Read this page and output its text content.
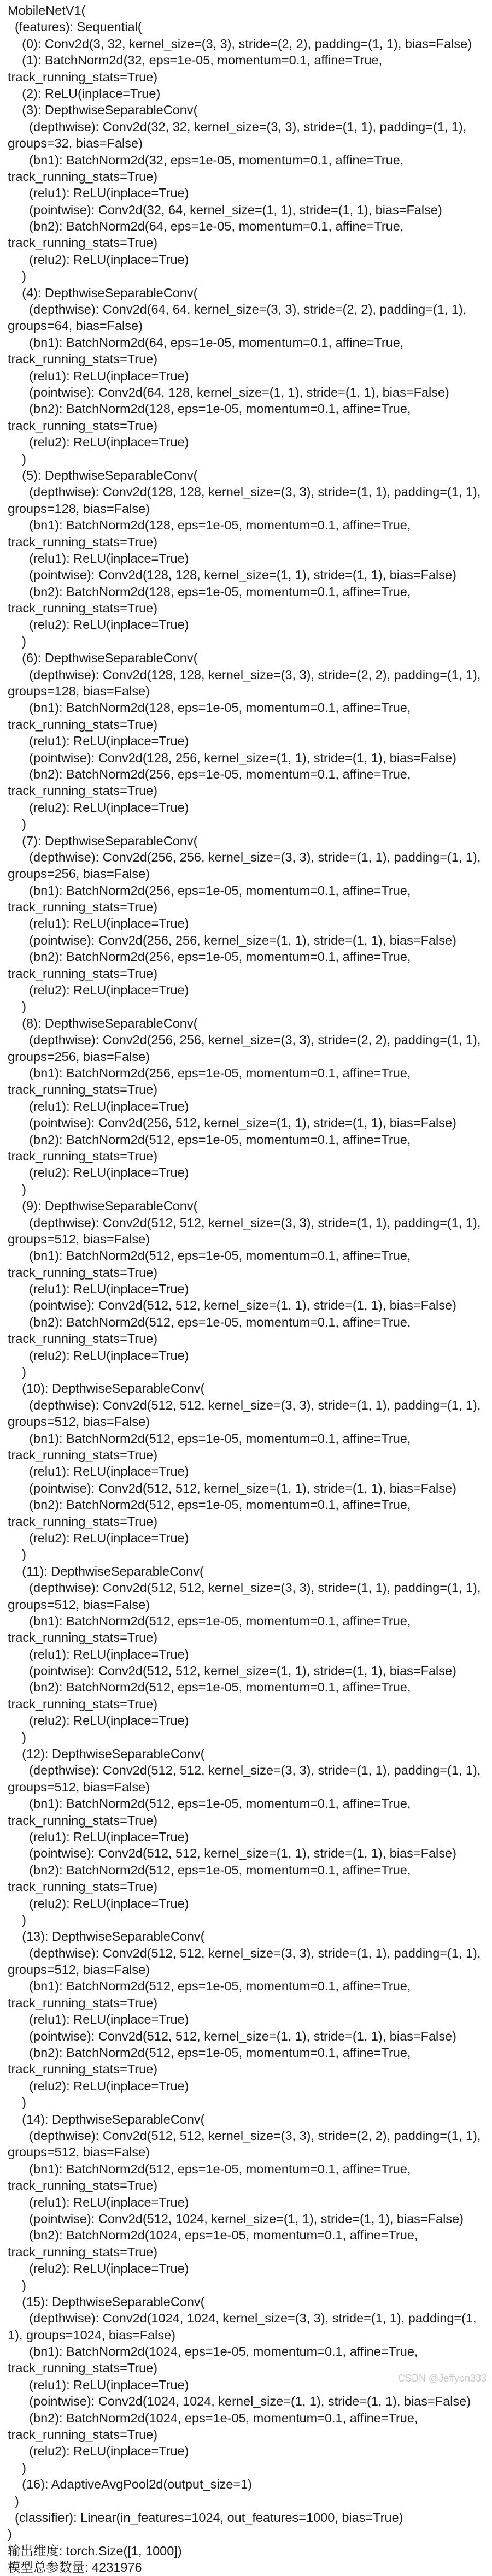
MobileNetV1(
(features): Sequential(
(0): Conv2d(3, 32, kernel_size=(3, 3), stride=(2, 2), padding=(1, 1), bias=False)
(1): BatchNorm2d(32, eps=1e-05, momentum=0.1, affine=True,
track_running_stats=True)
(2): ReLU(inplace=True)
(3): DepthwiseSeparableConv(
(depthwise): Conv2d(32, 32, kernel_size=(3, 3), stride=(1, 1), padding=(1, 1),
groups=32, bias=False)
(bn1): BatchNorm2d(32, eps=1e-05, momentum=0.1, affine=True,
track_running_stats=True)
(relu1): ReLU(inplace=True)
(pointwise): Conv2d(32, 64, kernel_size=(1, 1), stride=(1, 1), bias=False)
(bn2): BatchNorm2d(64, eps=1e-05, momentum=0.1, affine=True,
track_running_stats=True)
(relu2): ReLU(inplace=True)
)
(4): DepthwiseSeparableConv(
(depthwise): Conv2d(64, 64, kernel_size=(3, 3), stride=(2, 2), padding=(1, 1),
groups=64, bias=False)
(bn1): BatchNorm2d(64, eps=1e-05, momentum=0.1, affine=True,
track_running_stats=True)
(relu1): ReLU(inplace=True)
(pointwise): Conv2d(64, 128, kernel_size=(1, 1), stride=(1, 1), bias=False)
(bn2): BatchNorm2d(128, eps=1e-05, momentum=0.1, affine=True,
track_running_stats=True)
(relu2): ReLU(inplace=True)
)
(5): DepthwiseSeparableConv(
(depthwise): Conv2d(128, 128, kernel_size=(3, 3), stride=(1, 1), padding=(1, 1),
groups=128, bias=False)
(bn1): BatchNorm2d(128, eps=1e-05, momentum=0.1, affine=True,
track_running_stats=True)
(relu1): ReLU(inplace=True)
(pointwise): Conv2d(128, 128, kernel_size=(1, 1), stride=(1, 1), bias=False)
(bn2): BatchNorm2d(128, eps=1e-05, momentum=0.1, affine=True,
track_running_stats=True)
(relu2): ReLU(inplace=True)
)
(6): DepthwiseSeparableConv(
(depthwise): Conv2d(128, 128, kernel_size=(3, 3), stride=(2, 2), padding=(1, 1),
groups=128, bias=False)
(bn1): BatchNorm2d(128, eps=1e-05, momentum=0.1, affine=True,
track_running_stats=True)
(relu1): ReLU(inplace=True)
(pointwise): Conv2d(128, 256, kernel_size=(1, 1), stride=(1, 1), bias=False)
(bn2): BatchNorm2d(256, eps=1e-05, momentum=0.1, affine=True,
track_running_stats=True)
(relu2): ReLU(inplace=True)
)
(7): DepthwiseSeparableConv(
(depthwise): Conv2d(256, 256, kernel_size=(3, 3), stride=(1, 1), padding=(1, 1),
groups=256, bias=False)
(bn1): BatchNorm2d(256, eps=1e-05, momentum=0.1, affine=True,
track_running_stats=True)
(relu1): ReLU(inplace=True)
(pointwise): Conv2d(256, 256, kernel_size=(1, 1), stride=(1, 1), bias=False)
(bn2): BatchNorm2d(256, eps=1e-05, momentum=0.1, affine=True,
track_running_stats=True)
(relu2): ReLU(inplace=True)
)
(8): DepthwiseSeparableConv(
(depthwise): Conv2d(256, 256, kernel_size=(3, 3), stride=(2, 2), padding=(1, 1),
groups=256, bias=False)
(bn1): BatchNorm2d(256, eps=1e-05, momentum=0.1, affine=True,
track_running_stats=True)
(relu1): ReLU(inplace=True)
(pointwise): Conv2d(256, 512, kernel_size=(1, 1), stride=(1, 1), bias=False)
(bn2): BatchNorm2d(512, eps=1e-05, momentum=0.1, affine=True,
track_running_stats=True)
(relu2): ReLU(inplace=True)
)
(9): DepthwiseSeparableConv(
(depthwise): Conv2d(512, 512, kernel_size=(3, 3), stride=(1, 1), padding=(1, 1),
groups=512, bias=False)
(bn1): BatchNorm2d(512, eps=1e-05, momentum=0.1, affine=True,
track_running_stats=True)
(relu1): ReLU(inplace=True)
(pointwise): Conv2d(512, 512, kernel_size=(1, 1), stride=(1, 1), bias=False)
(bn2): BatchNorm2d(512, eps=1e-05, momentum=0.1, affine=True,
track_running_stats=True)
(relu2): ReLU(inplace=True)
)
(10): DepthwiseSeparableConv(
(depthwise): Conv2d(512, 512, kernel_size=(3, 3), stride=(1, 1), padding=(1, 1),
groups=512, bias=False)
(bn1): BatchNorm2d(512, eps=1e-05, momentum=0.1, affine=True,
track_running_stats=True)
(relu1): ReLU(inplace=True)
(pointwise): Conv2d(512, 512, kernel_size=(1, 1), stride=(1, 1), bias=False)
(bn2): BatchNorm2d(512, eps=1e-05, momentum=0.1, affine=True,
track_running_stats=True)
(relu2): ReLU(inplace=True)
)
(11): DepthwiseSeparableConv(
(depthwise): Conv2d(512, 512, kernel_size=(3, 3), stride=(1, 1), padding=(1, 1),
groups=512, bias=False)
(bn1): BatchNorm2d(512, eps=1e-05, momentum=0.1, affine=True,
track_running_stats=True)
(relu1): ReLU(inplace=True)
(pointwise): Conv2d(512, 512, kernel_size=(1, 1), stride=(1, 1), bias=False)
(bn2): BatchNorm2d(512, eps=1e-05, momentum=0.1, affine=True,
track_running_stats=True)
(relu2): ReLU(inplace=True)
)
(12): DepthwiseSeparableConv(
(depthwise): Conv2d(512, 512, kernel_size=(3, 3), stride=(1, 1), padding=(1, 1),
groups=512, bias=False)
(bn1): BatchNorm2d(512, eps=1e-05, momentum=0.1, affine=True,
track_running_stats=True)
(relu1): ReLU(inplace=True)
(pointwise): Conv2d(512, 512, kernel_size=(1, 1), stride=(1, 1), bias=False)
(bn2): BatchNorm2d(512, eps=1e-05, momentum=0.1, affine=True,
track_running_stats=True)
(relu2): ReLU(inplace=True)
)
(13): DepthwiseSeparableConv(
(depthwise): Conv2d(512, 512, kernel_size=(3, 3), stride=(1, 1), padding=(1, 1),
groups=512, bias=False)
(bn1): BatchNorm2d(512, eps=1e-05, momentum=0.1, affine=True,
track_running_stats=True)
(relu1): ReLU(inplace=True)
(pointwise): Conv2d(512, 512, kernel_size=(1, 1), stride=(1, 1), bias=False)
(bn2): BatchNorm2d(512, eps=1e-05, momentum=0.1, affine=True,
track_running_stats=True)
(relu2): ReLU(inplace=True)
)
(14): DepthwiseSeparableConv(
(depthwise): Conv2d(512, 512, kernel_size=(3, 3), stride=(2, 2), padding=(1, 1),
groups=512, bias=False)
(bn1): BatchNorm2d(512, eps=1e-05, momentum=0.1, affine=True,
track_running_stats=True)
(relu1): ReLU(inplace=True)
(pointwise): Conv2d(512, 1024, kernel_size=(1, 1), stride=(1, 1), bias=False)
(bn2): BatchNorm2d(1024, eps=1e-05, momentum=0.1, affine=True,
track_running_stats=True)
(relu2): ReLU(inplace=True)
)
(15): DepthwiseSeparableConv(
(depthwise): Conv2d(1024, 1024, kernel_size=(3, 3), stride=(1, 1), padding=(1,
1), groups=1024, bias=False)
(bn1): BatchNorm2d(1024, eps=1e-05, momentum=0.1, affine=True,
track_running_stats=True)
(relu1): ReLU(inplace=True)
(pointwise): Conv2d(1024, 1024, kernel_size=(1, 1), stride=(1, 1), bias=False)
(bn2): BatchNorm2d(1024, eps=1e-05, momentum=0.1, affine=True,
track_running_stats=True)
(relu2): ReLU(inplace=True)
)
(16): AdaptiveAvgPool2d(output_size=1)
)
(classifier): Linear(in_features=1024, out_features=1000, bias=True)
)
输出维度: torch.Size([1, 1000])
模型总参数量: 4231976
CSDN @Jeffyon333
